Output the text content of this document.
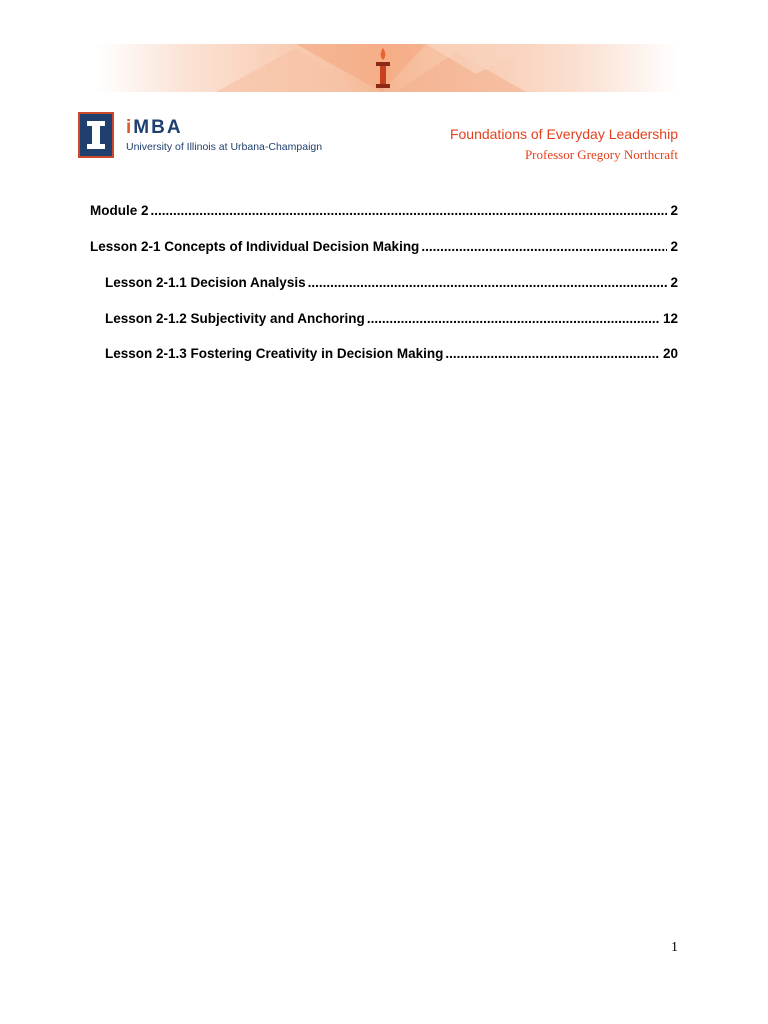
iMBA
University of Illinois at Urbana-Champaign
Foundations of Everyday Leadership
Professor Gregory Northcraft
Module 2 .....	2
Lesson 2-1 Concepts of Individual Decision Making .....	2
Lesson 2-1.1 Decision Analysis .....	2
Lesson 2-1.2 Subjectivity and Anchoring .....	12
Lesson 2-1.3 Fostering Creativity in Decision Making .....	20
1
